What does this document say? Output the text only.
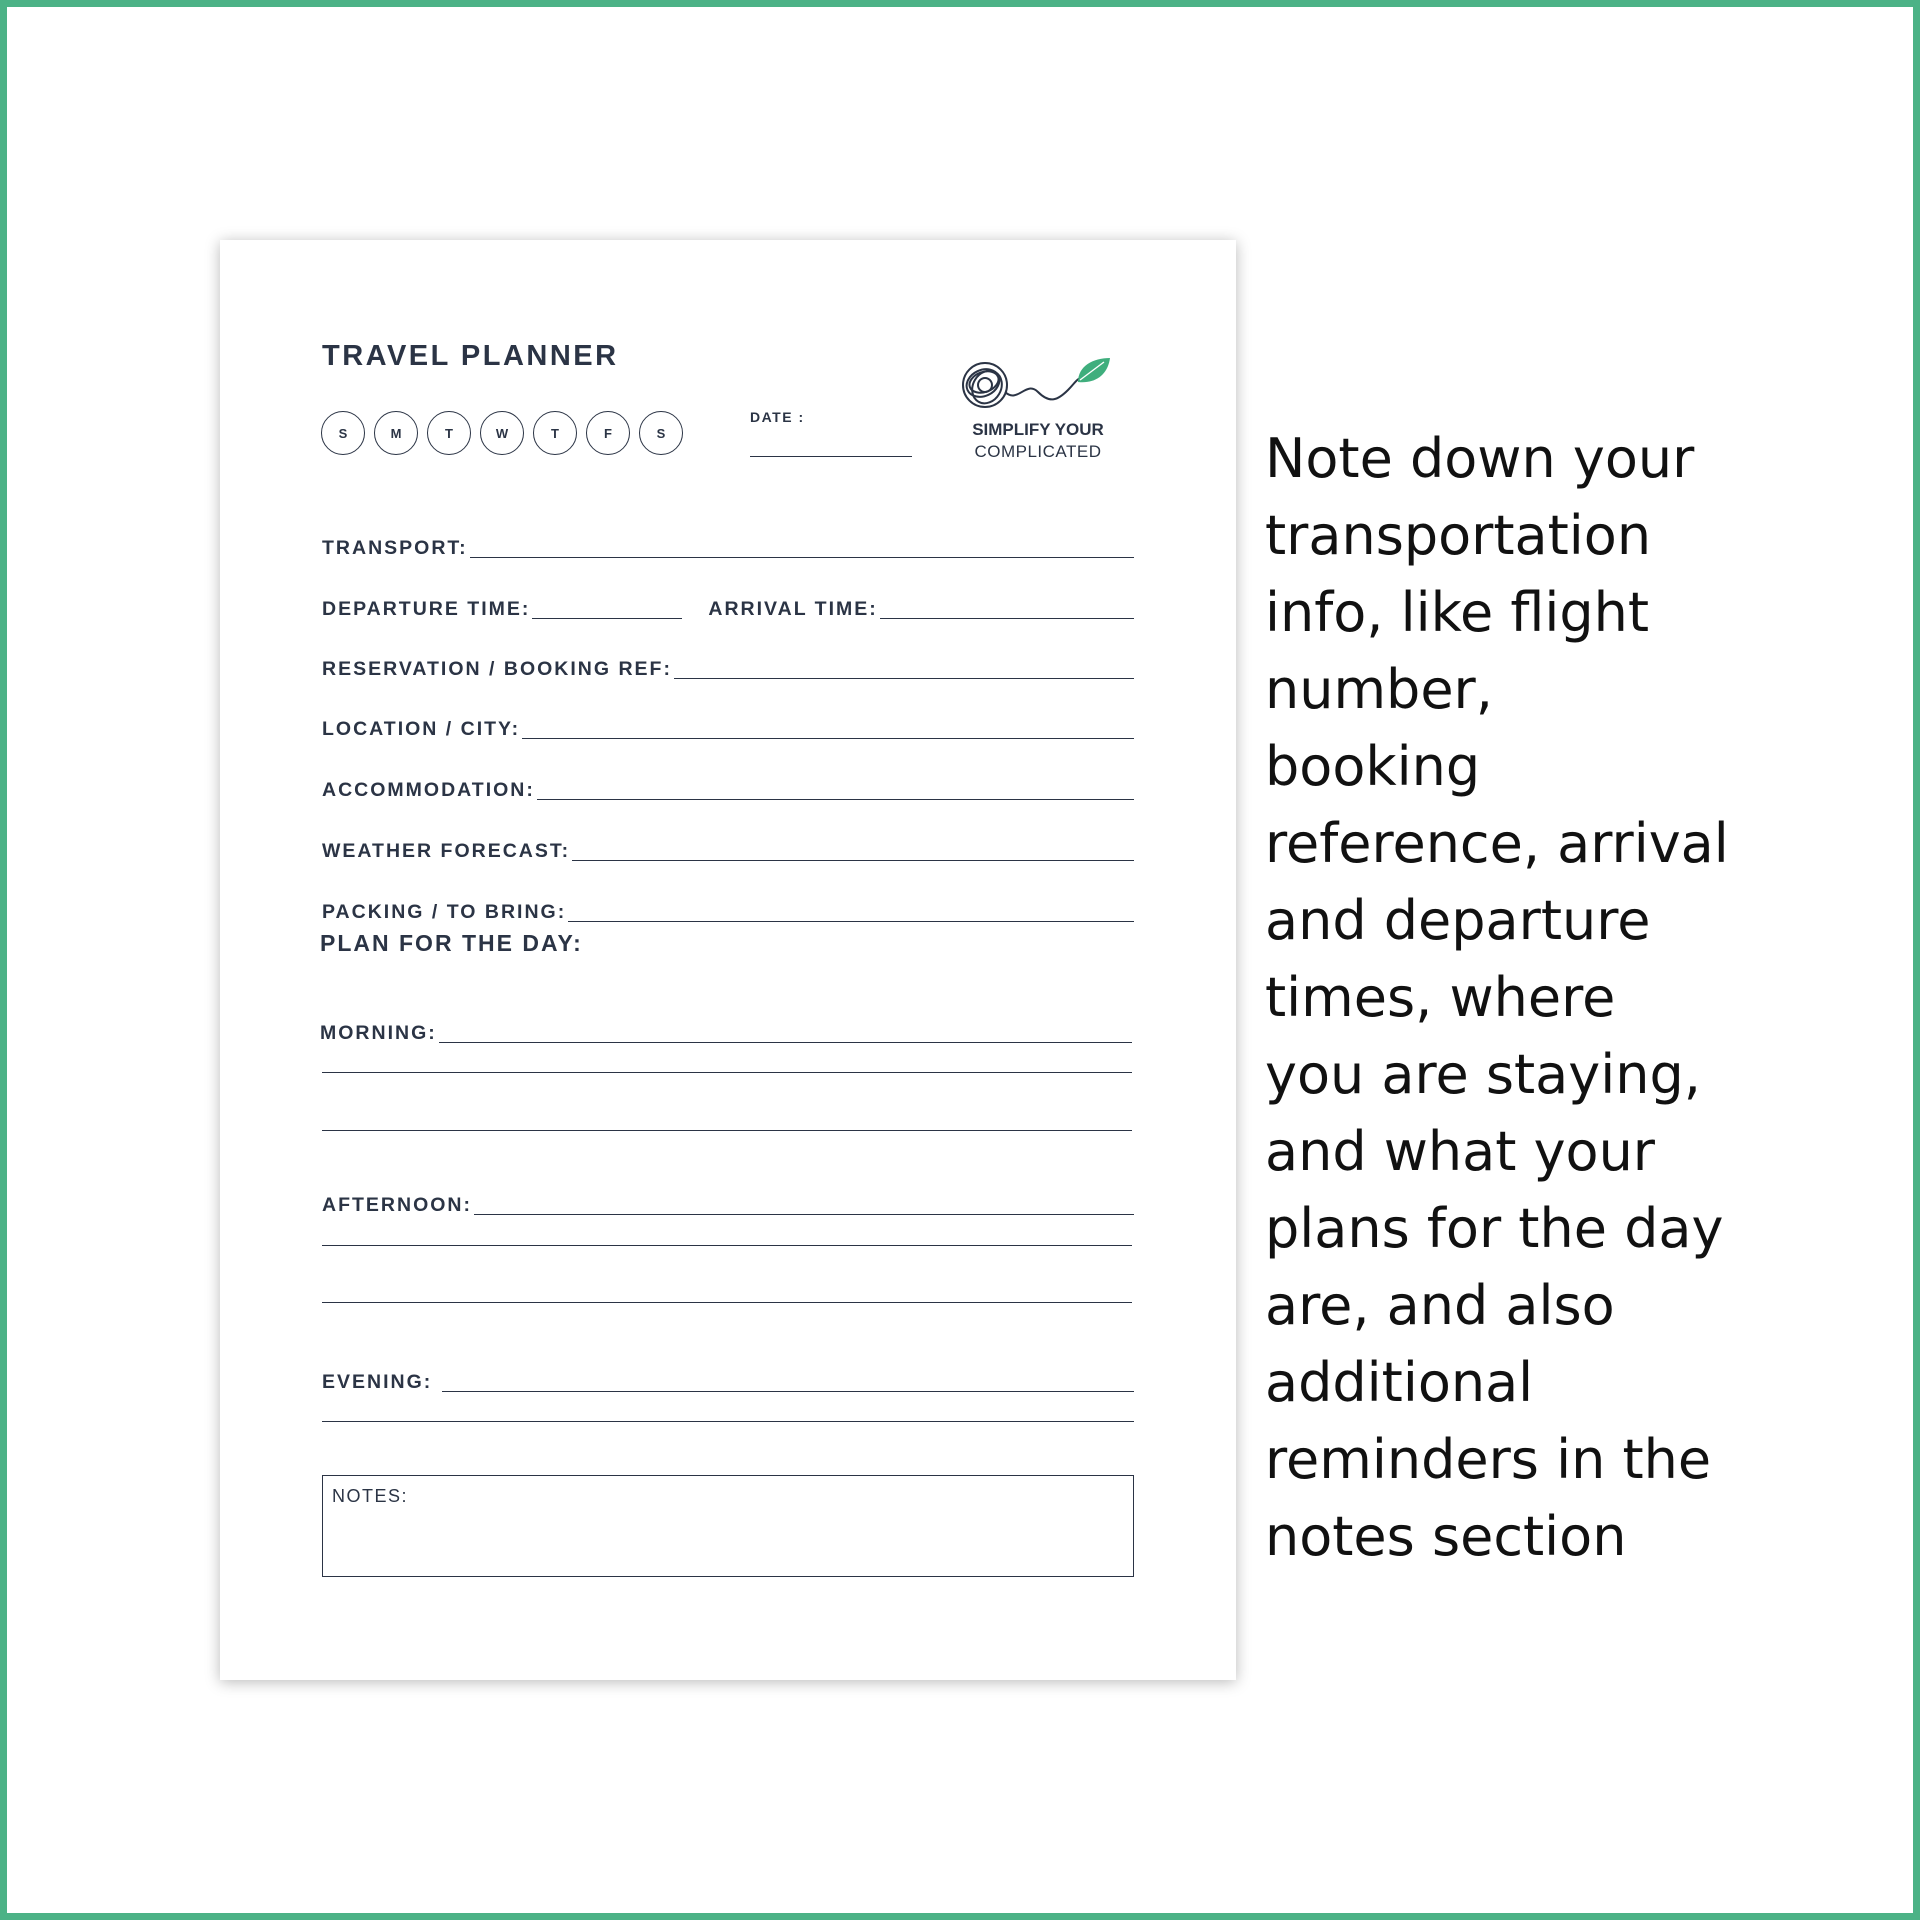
TRAVEL PLANNER
S	M	T	W	T	F	S
DATE :
SIMPLIFY YOUR
COMPLICATED
TRANSPORT:
DEPARTURE TIME:	ARRIVAL TIME:
RESERVATION / BOOKING REF:
LOCATION / CITY:
ACCOMMODATION:
WEATHER FORECAST:
PACKING / TO BRING:
PLAN FOR THE DAY:
MORNING:
AFTERNOON:
EVENING:
NOTES:
Note down your
transportation
info, like flight
number,
booking
reference, arrival
and departure
times, where
you are staying,
and what your
plans for the day
are, and also
additional
reminders in the
notes section
